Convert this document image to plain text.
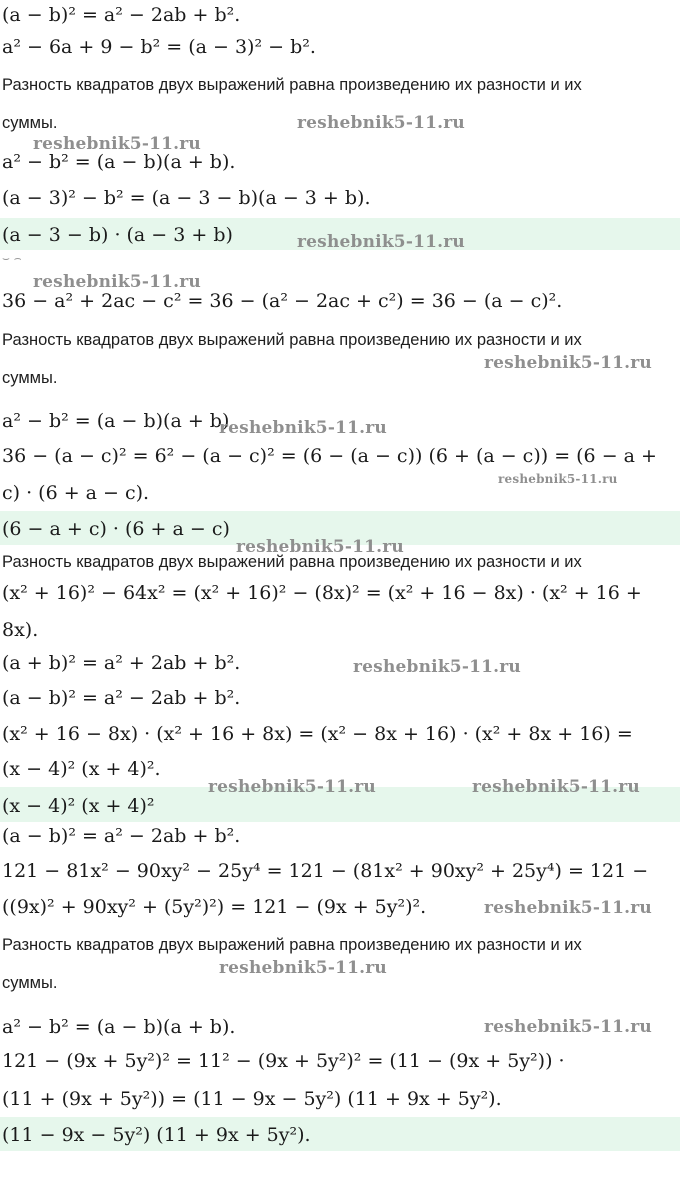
(a − b)² = a² − 2ab + b².
a² − 6a + 9 − b² = (a − 3)² − b².
Разность квадратов двух выражений равна произведению их разности и их
суммы.
a² − b² = (a − b)(a + b).
(a − 3)² − b² = (a − 3 − b)(a − 3 + b).
(a − 3 − b) · (a − 3 + b)
⌣ ⌢
36 − a² + 2ac − c² = 36 − (a² − 2ac + c²) = 36 − (a − c)².
Разность квадратов двух выражений равна произведению их разности и их
суммы.
a² − b² = (a − b)(a + b)
36 − (a − c)² = 6² − (a − c)² = (6 − (a − c)) (6 + (a − c)) = (6 − a +
c) · (6 + a − c).
(6 − a + c) · (6 + a − c)
Разность квадратов двух выражений равна произведению их разности и их
(x² + 16)² − 64x² = (x² + 16)² − (8x)² = (x² + 16 − 8x) · (x² + 16 +
8x).
(a + b)² = a² + 2ab + b².
(a − b)² = a² − 2ab + b².
(x² + 16 − 8x) · (x² + 16 + 8x) = (x² − 8x + 16) · (x² + 8x + 16) =
(x − 4)² (x + 4)².
(x − 4)² (x + 4)²
(a − b)² = a² − 2ab + b².
121 − 81x² − 90xy² − 25y⁴ = 121 − (81x² + 90xy² + 25y⁴) = 121 −
((9x)² + 90xy² + (5y²)²) = 121 − (9x + 5y²)².
Разность квадратов двух выражений равна произведению их разности и их
суммы.
a² − b² = (a − b)(a + b).
121 − (9x + 5y²)² = 11² − (9x + 5y²)² = (11 − (9x + 5y²)) ·
(11 + (9x + 5y²)) = (11 − 9x − 5y²) (11 + 9x + 5y²).
(11 − 9x − 5y²) (11 + 9x + 5y²).
reshebnik5-11.ru
reshebnik5-11.ru
reshebnik5-11.ru
reshebnik5-11.ru
reshebnik5-11.ru
reshebnik5-11.ru
reshebnik5-11.ru
reshebnik5-11.ru
reshebnik5-11.ru
reshebnik5-11.ru	reshebnik5-11.ru
reshebnik5-11.ru
reshebnik5-11.ru
reshebnik5-11.ru
